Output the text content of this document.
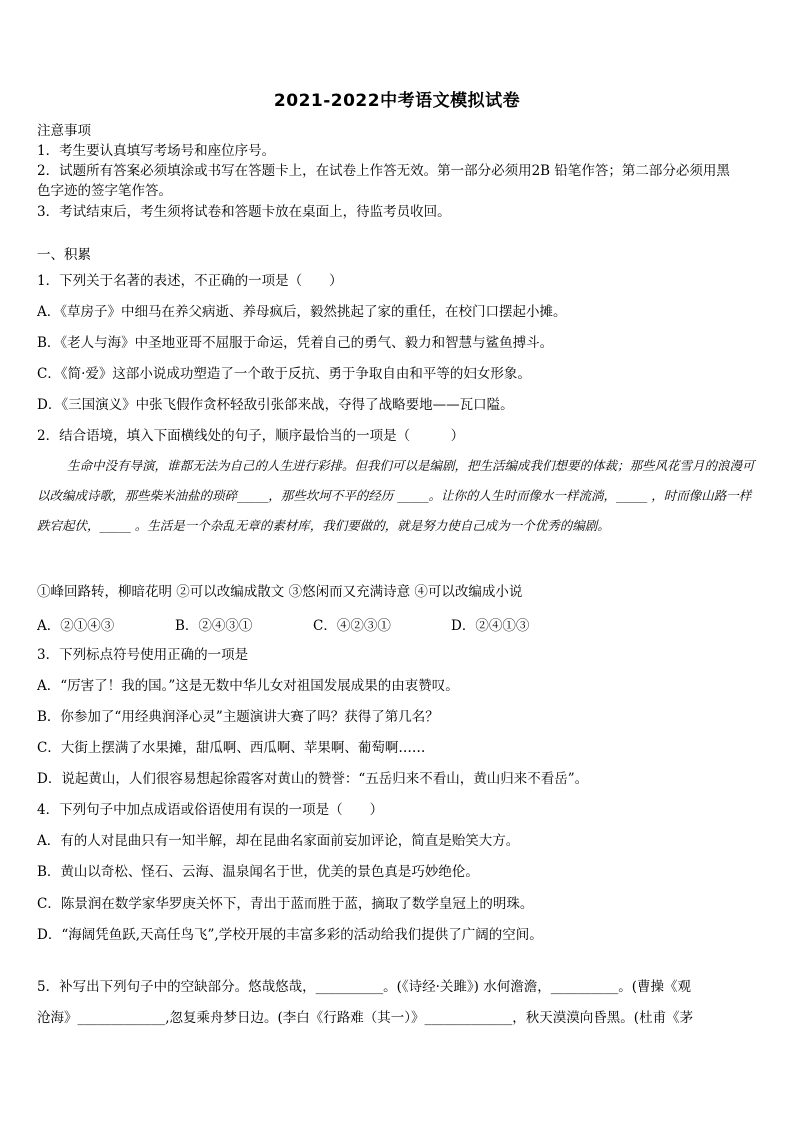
2021-2022中考语文模拟试卷
注意事项
1．考生要认真填写考场号和座位序号。
2．试题所有答案必须填涂或书写在答题卡上，在试卷上作答无效。第一部分必须用2B 铅笔作答；第二部分必须用黑
色字迹的签字笔作答。
3．考试结束后，考生须将试卷和答题卡放在桌面上，待监考员收回。
一、积累
1．下列关于名著的表述，不正确的一项是（　　）
A．《草房子》中细马在养父病逝、养母疯后，毅然挑起了家的重任，在校门口摆起小摊。
B．《老人与海》中圣地亚哥不屈服于命运，凭着自己的勇气、毅力和智慧与鲨鱼搏斗。
C．《简·爱》这部小说成功塑造了一个敢于反抗、勇于争取自由和平等的妇女形象。
D．《三国演义》中张飞假作贪杯轻敌引张郃来战，夺得了战略要地——瓦口隘。
2．结合语境，填入下面横线处的句子，顺序最恰当的一项是（　　　）
生命中没有导演，谁都无法为自己的人生进行彩排。但我们可以是编剧，把生活编成我们想要的体裁；那些风花雪月的浪漫可以改编成诗歌，那些柴米油盐的琐碎_____，那些坎坷不平的经历 _____。让你的人生时而像水一样流淌，_____ ，时而像山路一样跌宕起伏，_____ 。生活是一个杂乱无章的素材库，我们要做的，就是努力使自己成为一个优秀的编剧。
①峰回路转，柳暗花明 ②可以改编成散文 ③悠闲而又充满诗意 ④可以改编成小说
A．②①④③	B．②④③①	C．④②③①	D．②④①③
3．下列标点符号使用正确的一项是
A．“厉害了！我的国。”这是无数中华儿女对祖国发展成果的由衷赞叹。
B．你参加了“用经典润泽心灵”主题演讲大赛了吗？获得了第几名？
C．大街上摆满了水果摊，甜瓜啊、西瓜啊、苹果啊、葡萄啊……
D．说起黄山，人们很容易想起徐霞客对黄山的赞誉：“五岳归来不看山，黄山归来不看岳”。
4．下列句子中加点成语或俗语使用有误的一项是（　　）
A．有的人对昆曲只有一知半解，却在昆曲名家面前妄加评论，简直是贻笑大方。
B．黄山以奇松、怪石、云海、温泉闻名于世，优美的景色真是巧妙绝伦。
C．陈景润在数学家华罗庚关怀下，青出于蓝而胜于蓝，摘取了数学皇冠上的明珠。
D．“海阔凭鱼跃,天高任鸟飞”,学校开展的丰富多彩的活动给我们提供了广阔的空间。
5．补写出下列句子中的空缺部分。悠哉悠哉，__________。(《诗经·关雎》) 水何澹澹，__________。(曹操《观
沧海》_____________,忽复乘舟梦日边。(李白《行路难（其一）》_____________，秋天漠漠向昏黑。(杜甫《茅
